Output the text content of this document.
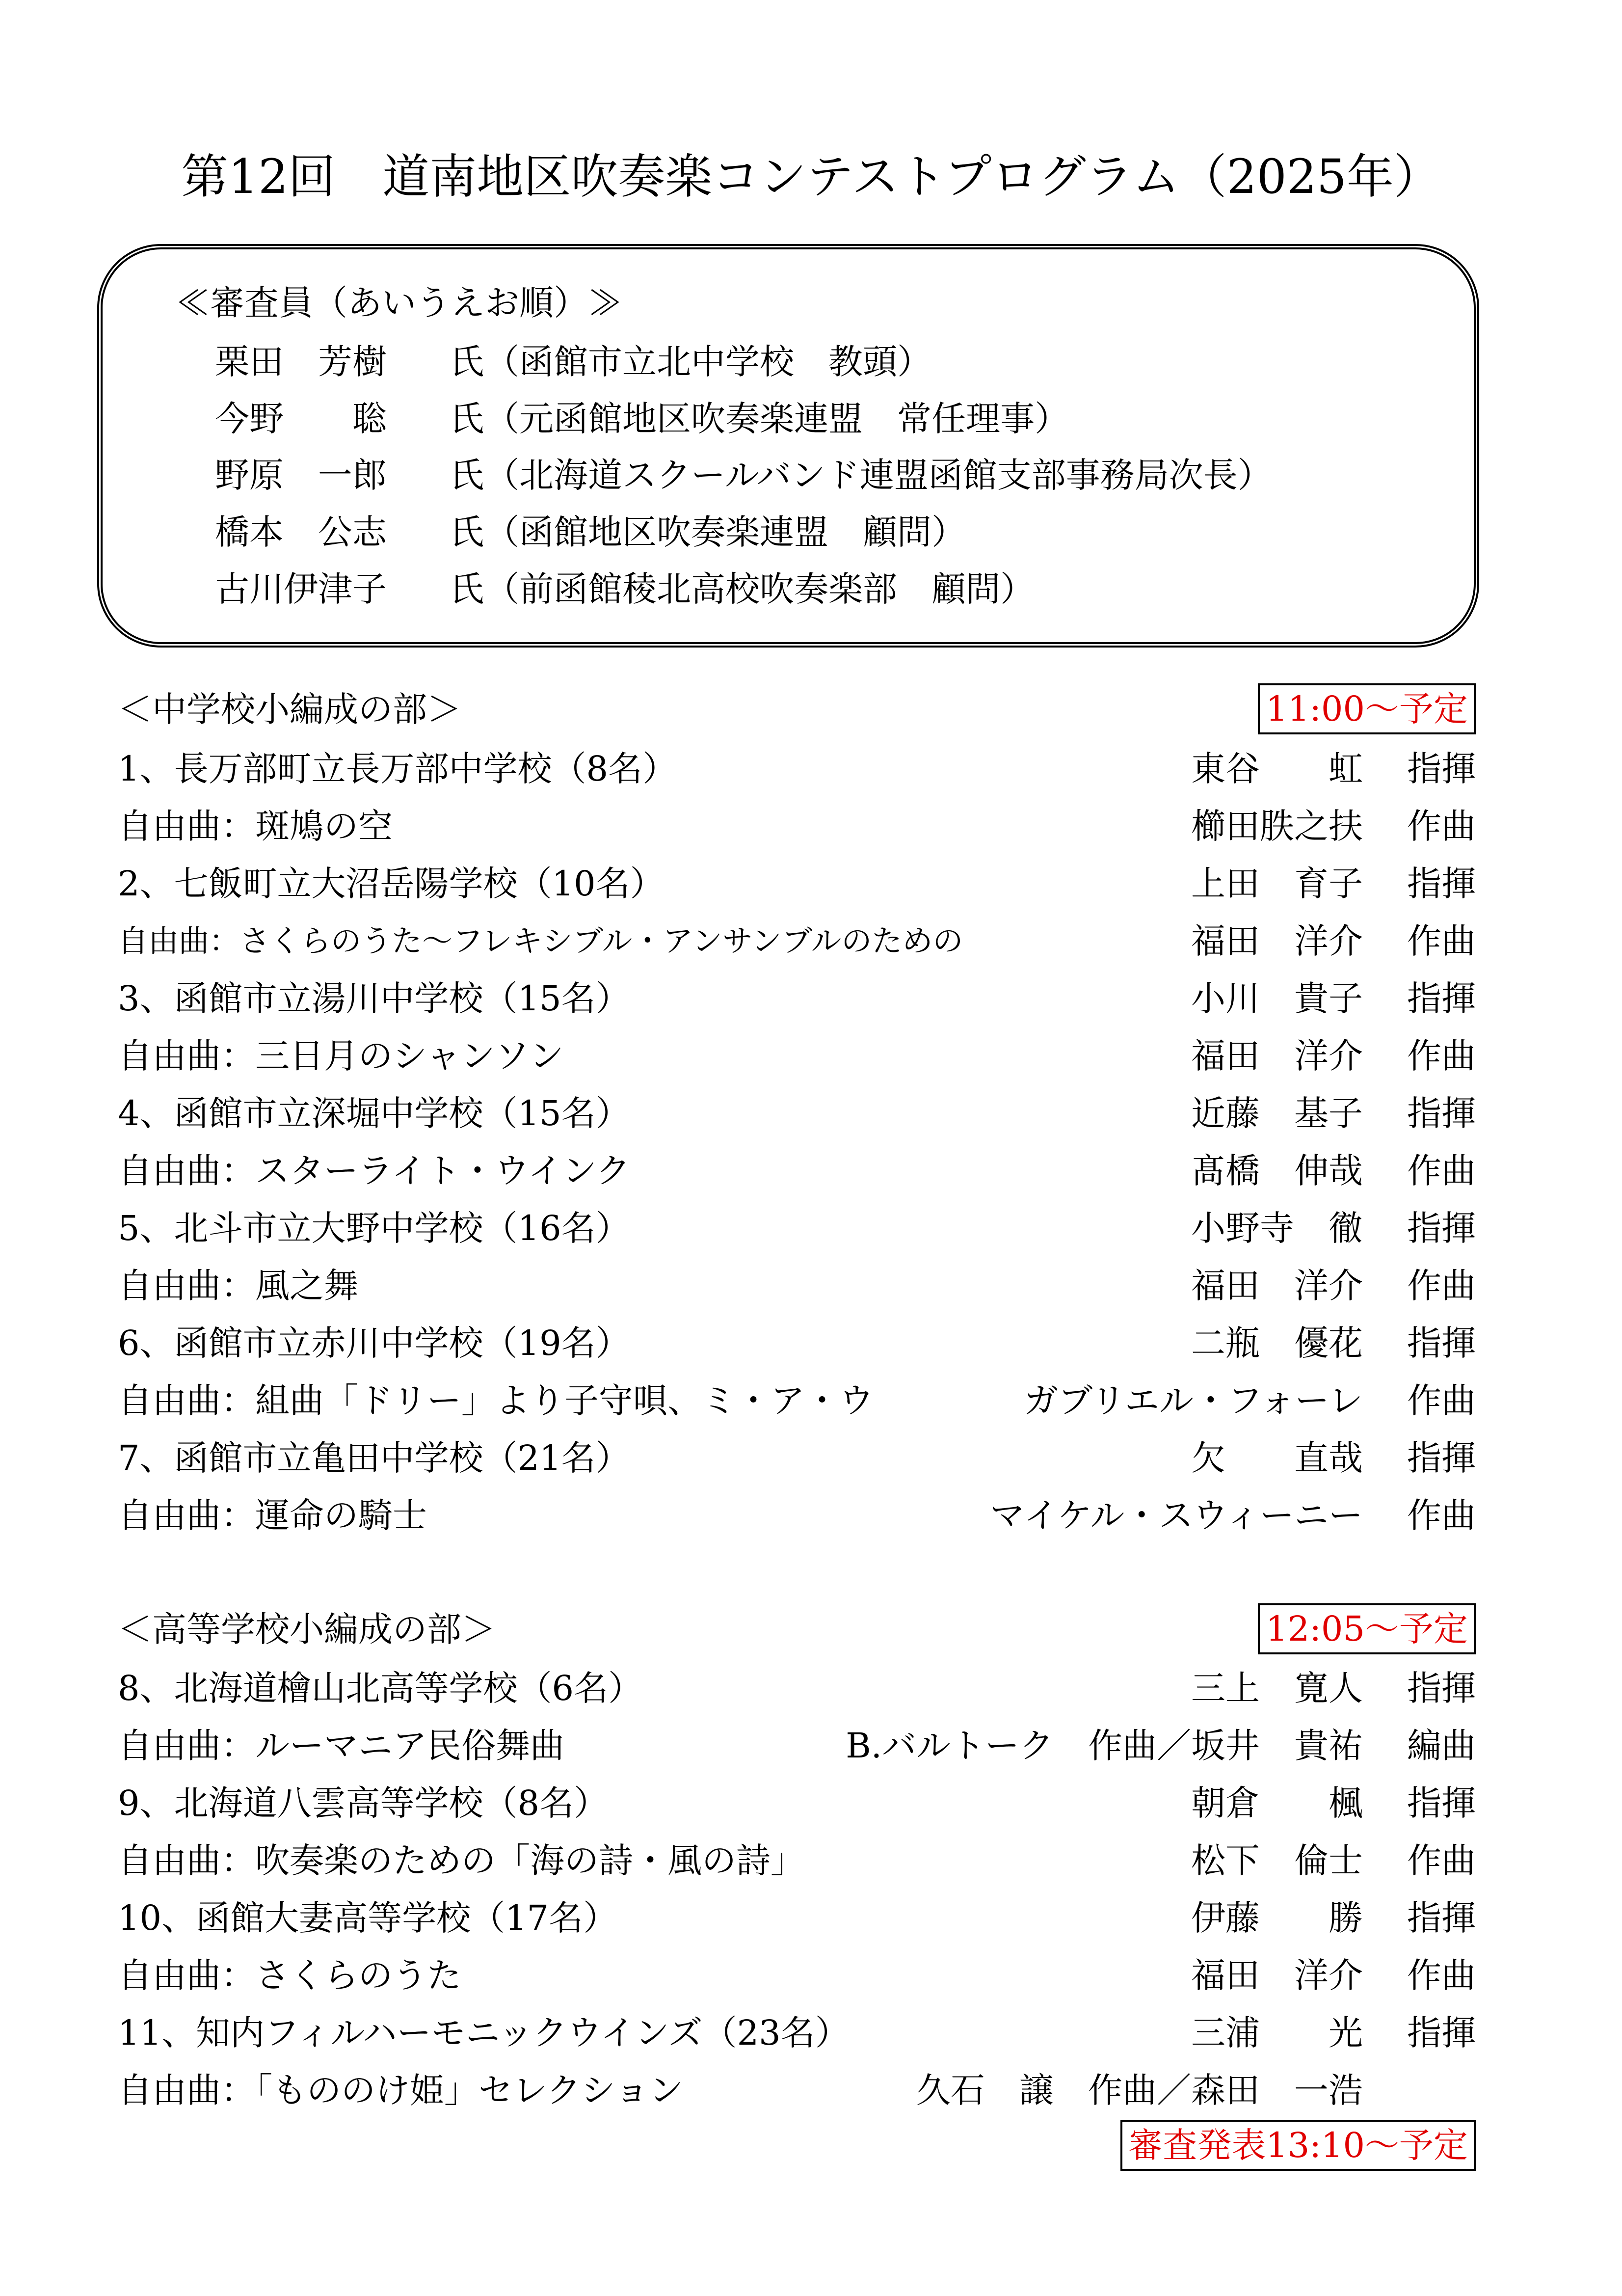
第12回　道南地区吹奏楽コンテストプログラム（2025年）
≪審査員（あいうえお順）≫
栗田　芳樹 氏 （函館市立北中学校　教頭）
今野　　聡 氏 （元函館地区吹奏楽連盟　常任理事）
野原　一郎 氏 （北海道スクールバンド連盟函館支部事務局次長）
橋本　公志 氏 （函館地区吹奏楽連盟　顧問）
古川伊津子 氏 （前函館稜北高校吹奏楽部　顧問）
＜中学校小編成の部＞	11:00～予定
1、長万部町立長万部中学校（8名）	東谷　　虹 指揮
自由曲：斑鳩の空	櫛田胅之扶 作曲
2、七飯町立大沼岳陽学校（10名）	上田　育子 指揮
自由曲：さくらのうた～フレキシブル・アンサンブルのための	福田　洋介 作曲
3、函館市立湯川中学校（15名）	小川　貴子 指揮
自由曲：三日月のシャンソン	福田　洋介 作曲
4、函館市立深堀中学校（15名）	近藤　基子 指揮
自由曲：スターライト・ウインク	髙橋　伸哉 作曲
5、北斗市立大野中学校（16名）	小野寺　徹 指揮
自由曲：風之舞	福田　洋介 作曲
6、函館市立赤川中学校（19名）	二瓶　優花 指揮
自由曲：組曲「ドリー」より子守唄、ミ・ア・ウ	ガブリエル・フォーレ 作曲
7、函館市立亀田中学校（21名）	欠　　直哉 指揮
自由曲：運命の騎士	マイケル・スウィーニー 作曲
＜高等学校小編成の部＞	12:05～予定
8、北海道檜山北高等学校（6名）	三上　寛人 指揮
自由曲：ルーマニア民俗舞曲	B.バルトーク　作曲／坂井　貴祐 編曲
9、北海道八雲高等学校（8名）	朝倉　　楓 指揮
自由曲：吹奏楽のための「海の詩・風の詩」	松下　倫士 作曲
10、函館大妻高等学校（17名）	伊藤　　勝 指揮
自由曲：さくらのうた	福田　洋介 作曲
11、知内フィルハーモニックウインズ（23名）	三浦　　光 指揮
自由曲：「もののけ姫」セレクション	久石　譲　作曲／森田　一浩
審査発表13:10～予定
